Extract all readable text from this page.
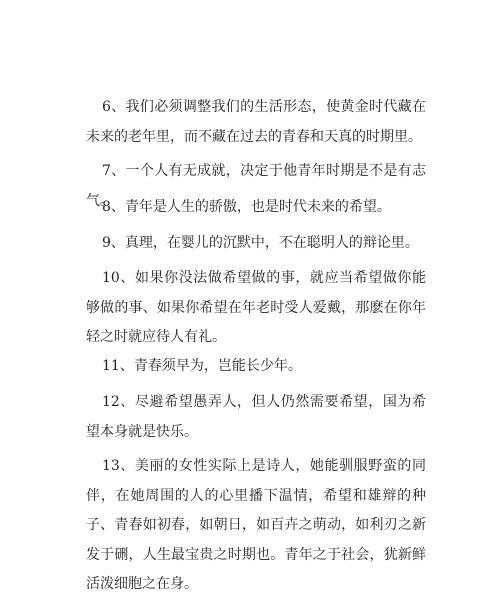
6、我们必须调整我们的生活形态，使黄金时代藏在未来的老年里，而不藏在过去的青春和天真的时期里。

7、一个人有无成就，决定于他青年时期是不是有志气。

8、青年是人生的骄傲，也是时代未来的希望。

9、真理，在婴儿的沉默中，不在聪明人的辩论里。

10、如果你没法做希望做的事，就应当希望做你能够做的事、如果你希望在年老时受人爱戴，那麽在你年轻之时就应待人有礼。

11、青春须早为，岂能长少年。

12、尽避希望愚弄人，但人仍然需要希望，国为希望本身就是快乐。

13、美丽的女性实际上是诗人，她能驯服野蛮的同伴，在她周围的人的心里播下温情，希望和雄辩的种子、青春如初春，如朝日，如百卉之萌动，如利刃之新发于硎，人生最宝贵之时期也。青年之于社会，犹新鲜活泼细胞之在身。
